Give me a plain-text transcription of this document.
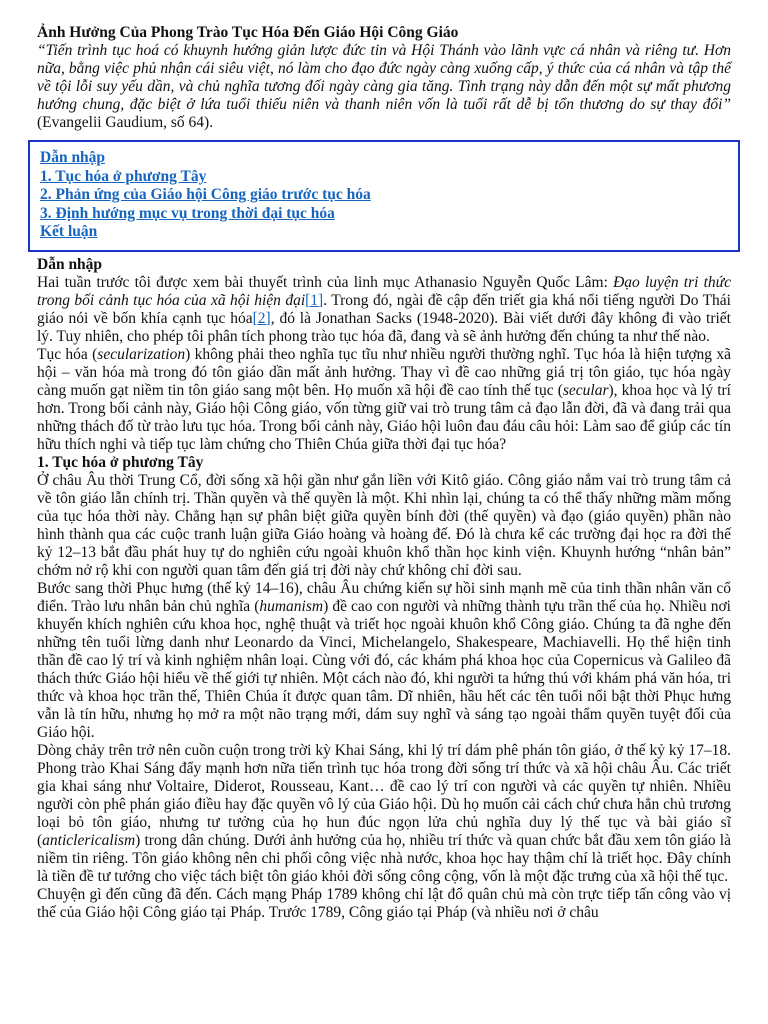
Ảnh Hưởng Của Phong Trào Tục Hóa Đến Giáo Hội Công Giáo

“Tiến trình tục hoá có khuynh hướng giản lược đức tin và Hội Thánh vào lãnh vực cá nhân và riêng tư. Hơn nữa, bằng việc phủ nhận cái siêu việt, nó làm cho đạo đức ngày càng xuống cấp, ý thức của cá nhân và tập thể về tội lỗi suy yếu dần, và chủ nghĩa tương đối ngày càng gia tăng. Tình trạng này dẫn đến một sự mất phương hướng chung, đặc biệt ở lứa tuổi thiếu niên và thanh niên vốn là tuổi rất dễ bị tổn thương do sự thay đổi” (Evangelii Gaudium, số 64).

Dẫn nhập
1. Tục hóa ở phương Tây
2. Phản ứng của Giáo hội Công giáo trước tục hóa
3. Định hướng mục vụ trong thời đại tục hóa
Kết luận
Dẫn nhập

Hai tuần trước tôi được xem bài thuyết trình của linh mục Athanasio Nguyễn Quốc Lâm: Đạo luyện tri thức trong bối cảnh tục hóa của xã hội hiện đại[1]. Trong đó, ngài đề cập đến triết gia khá nổi tiếng người Do Thái giáo nói về bốn khía cạnh tục hóa[2], đó là Jonathan Sacks (1948-2020). Bài viết dưới đây không đi vào triết lý. Tuy nhiên, cho phép tôi phân tích phong trào tục hóa đã, đang và sẽ ảnh hưởng đến chúng ta như thế nào.

Tục hóa (secularization) không phải theo nghĩa tục tĩu như nhiều người thường nghĩ. Tục hóa là hiện tượng xã hội – văn hóa mà trong đó tôn giáo dần mất ảnh hưởng. Thay vì đề cao những giá trị tôn giáo, tục hóa ngày càng muốn gạt niềm tin tôn giáo sang một bên. Họ muốn xã hội đề cao tính thế tục (secular), khoa học và lý trí hơn. Trong bối cảnh này, Giáo hội Công giáo, vốn từng giữ vai trò trung tâm cả đạo lẫn đời, đã và đang trải qua những thách đố từ trào lưu tục hóa. Trong bối cảnh này, Giáo hội luôn đau đáu câu hỏi: Làm sao để giúp các tín hữu thích nghi và tiếp tục làm chứng cho Thiên Chúa giữa thời đại tục hóa?

1. Tục hóa ở phương Tây

Ở châu Âu thời Trung Cổ, đời sống xã hội gần như gắn liền với Kitô giáo. Công giáo nắm vai trò trung tâm cả về tôn giáo lẫn chính trị. Thần quyền và thế quyền là một. Khi nhìn lại, chúng ta có thể thấy những mầm mống của tục hóa thời này. Chẳng hạn sự phân biệt giữa quyền bính đời (thế quyền) và đạo (giáo quyền) phần nào hình thành qua các cuộc tranh luận giữa Giáo hoàng và hoàng đế. Đó là chưa kể các trường đại học ra đời thế kỷ 12–13 bắt đầu phát huy tự do nghiên cứu ngoài khuôn khổ thần học kinh viện. Khuynh hướng “nhân bản” chớm nở rộ khi con người quan tâm đến giá trị đời này chứ không chỉ đời sau.

Bước sang thời Phục hưng (thế kỷ 14–16), châu Âu chứng kiến sự hồi sinh mạnh mẽ của tinh thần nhân văn cổ điển. Trào lưu nhân bản chủ nghĩa (humanism) đề cao con người và những thành tựu trần thế của họ. Nhiều nơi khuyến khích nghiên cứu khoa học, nghệ thuật và triết học ngoài khuôn khổ Công giáo. Chúng ta đã nghe đến những tên tuổi lừng danh như Leonardo da Vinci, Michelangelo, Shakespeare, Machiavelli. Họ thể hiện tinh thần đề cao lý trí và kinh nghiệm nhân loại. Cùng với đó, các khám phá khoa học của Copernicus và Galileo đã thách thức Giáo hội hiểu về thế giới tự nhiên. Một cách nào đó, khi người ta hứng thú với khám phá văn hóa, tri thức và khoa học trần thế, Thiên Chúa ít được quan tâm. Dĩ nhiên, hầu hết các tên tuổi nổi bật thời Phục hưng vẫn là tín hữu, nhưng họ mở ra một não trạng mới, dám suy nghĩ và sáng tạo ngoài thẩm quyền tuyệt đối của Giáo hội.

Dòng chảy trên trở nên cuồn cuộn trong trời kỳ Khai Sáng, khi lý trí dám phê phán tôn giáo, ở thế kỷ kỷ 17–18. Phong trào Khai Sáng đẩy mạnh hơn nữa tiến trình tục hóa trong đời sống trí thức và xã hội châu Âu. Các triết gia khai sáng như Voltaire, Diderot, Rousseau, Kant… đề cao lý trí con người và các quyền tự nhiên. Nhiều người còn phê phán giáo điều hay đặc quyền vô lý của Giáo hội. Dù họ muốn cải cách chứ chưa hẳn chủ trương loại bỏ tôn giáo, nhưng tư tưởng của họ hun đúc ngọn lửa chủ nghĩa duy lý thế tục và bài giáo sĩ (anticlericalism) trong dân chúng. Dưới ảnh hưởng của họ, nhiều trí thức và quan chức bắt đầu xem tôn giáo là niềm tin riêng. Tôn giáo không nên chi phối công việc nhà nước, khoa học hay thậm chí là triết học. Đây chính là tiền đề tư tưởng cho việc tách biệt tôn giáo khỏi đời sống công cộng, vốn là một đặc trưng của xã hội thế tục.

Chuyện gì đến cũng đã đến. Cách mạng Pháp 1789 không chỉ lật đổ quân chủ mà còn trực tiếp tấn công vào vị thế của Giáo hội Công giáo tại Pháp. Trước 1789, Công giáo tại Pháp (và nhiều nơi ở châu
